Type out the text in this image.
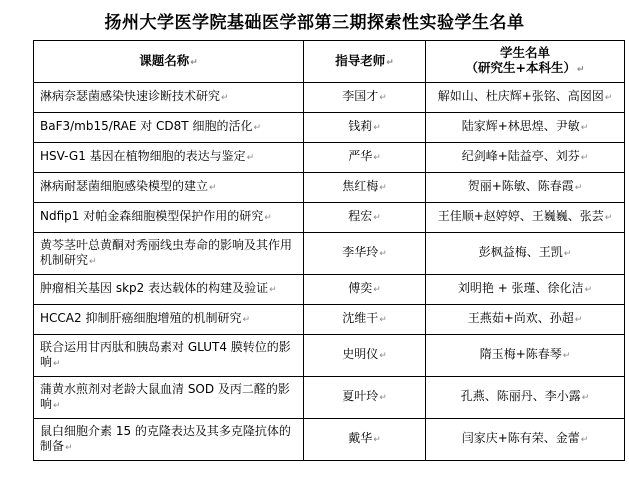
扬州大学医学院基础医学部第三期探索性实验学生名单
课题名称↵	指导老师↵	学生名单
（研究生+本科生）↵

淋病奈瑟菌感染快速诊断技术研究↵	李国才↵	解如山、杜庆辉+张铭、高囡囡↵
BaF3/mb15/RAE 对 CD8T 细胞的活化↵	钱莉↵	陆家辉+林思煌、尹敏↵
HSV-G1 基因在植物细胞的表达与鉴定↵	严华↵	纪剑峰+陆益亭、刘芬↵
淋病耐瑟菌细胞感染模型的建立↵	焦红梅↵	贺丽+陈敏、陈春霞↵
Ndfip1 对帕金森细胞模型保护作用的研究↵	程宏↵	王佳顺+赵婷婷、王巍巍、张芸↵
黄芩茎叶总黄酮对秀丽线虫寿命的影响及其作用机制研究↵	李华玲↵	彭枫益梅、王凯↵
肿瘤相关基因 skp2 表达载体的构建及验证↵	傅奕↵	刘明艳 + 张瑾、徐化洁↵
HCCA2 抑制肝癌细胞增殖的机制研究↵	沈维干↵	王燕茹+尚欢、孙超↵
联合运用甘丙肽和胰岛素对 GLUT4 膜转位的影响↵	史明仪↵	隋玉梅+陈春琴↵
蒲黄水煎剂对老龄大鼠血清 SOD 及丙二醛的影响↵	夏叶玲↵	孔燕、陈丽丹、李小露↵
鼠白细胞介素 15 的克隆表达及其多克隆抗体的制备↵	戴华↵	闫家庆+陈有荣、金蕾↵
